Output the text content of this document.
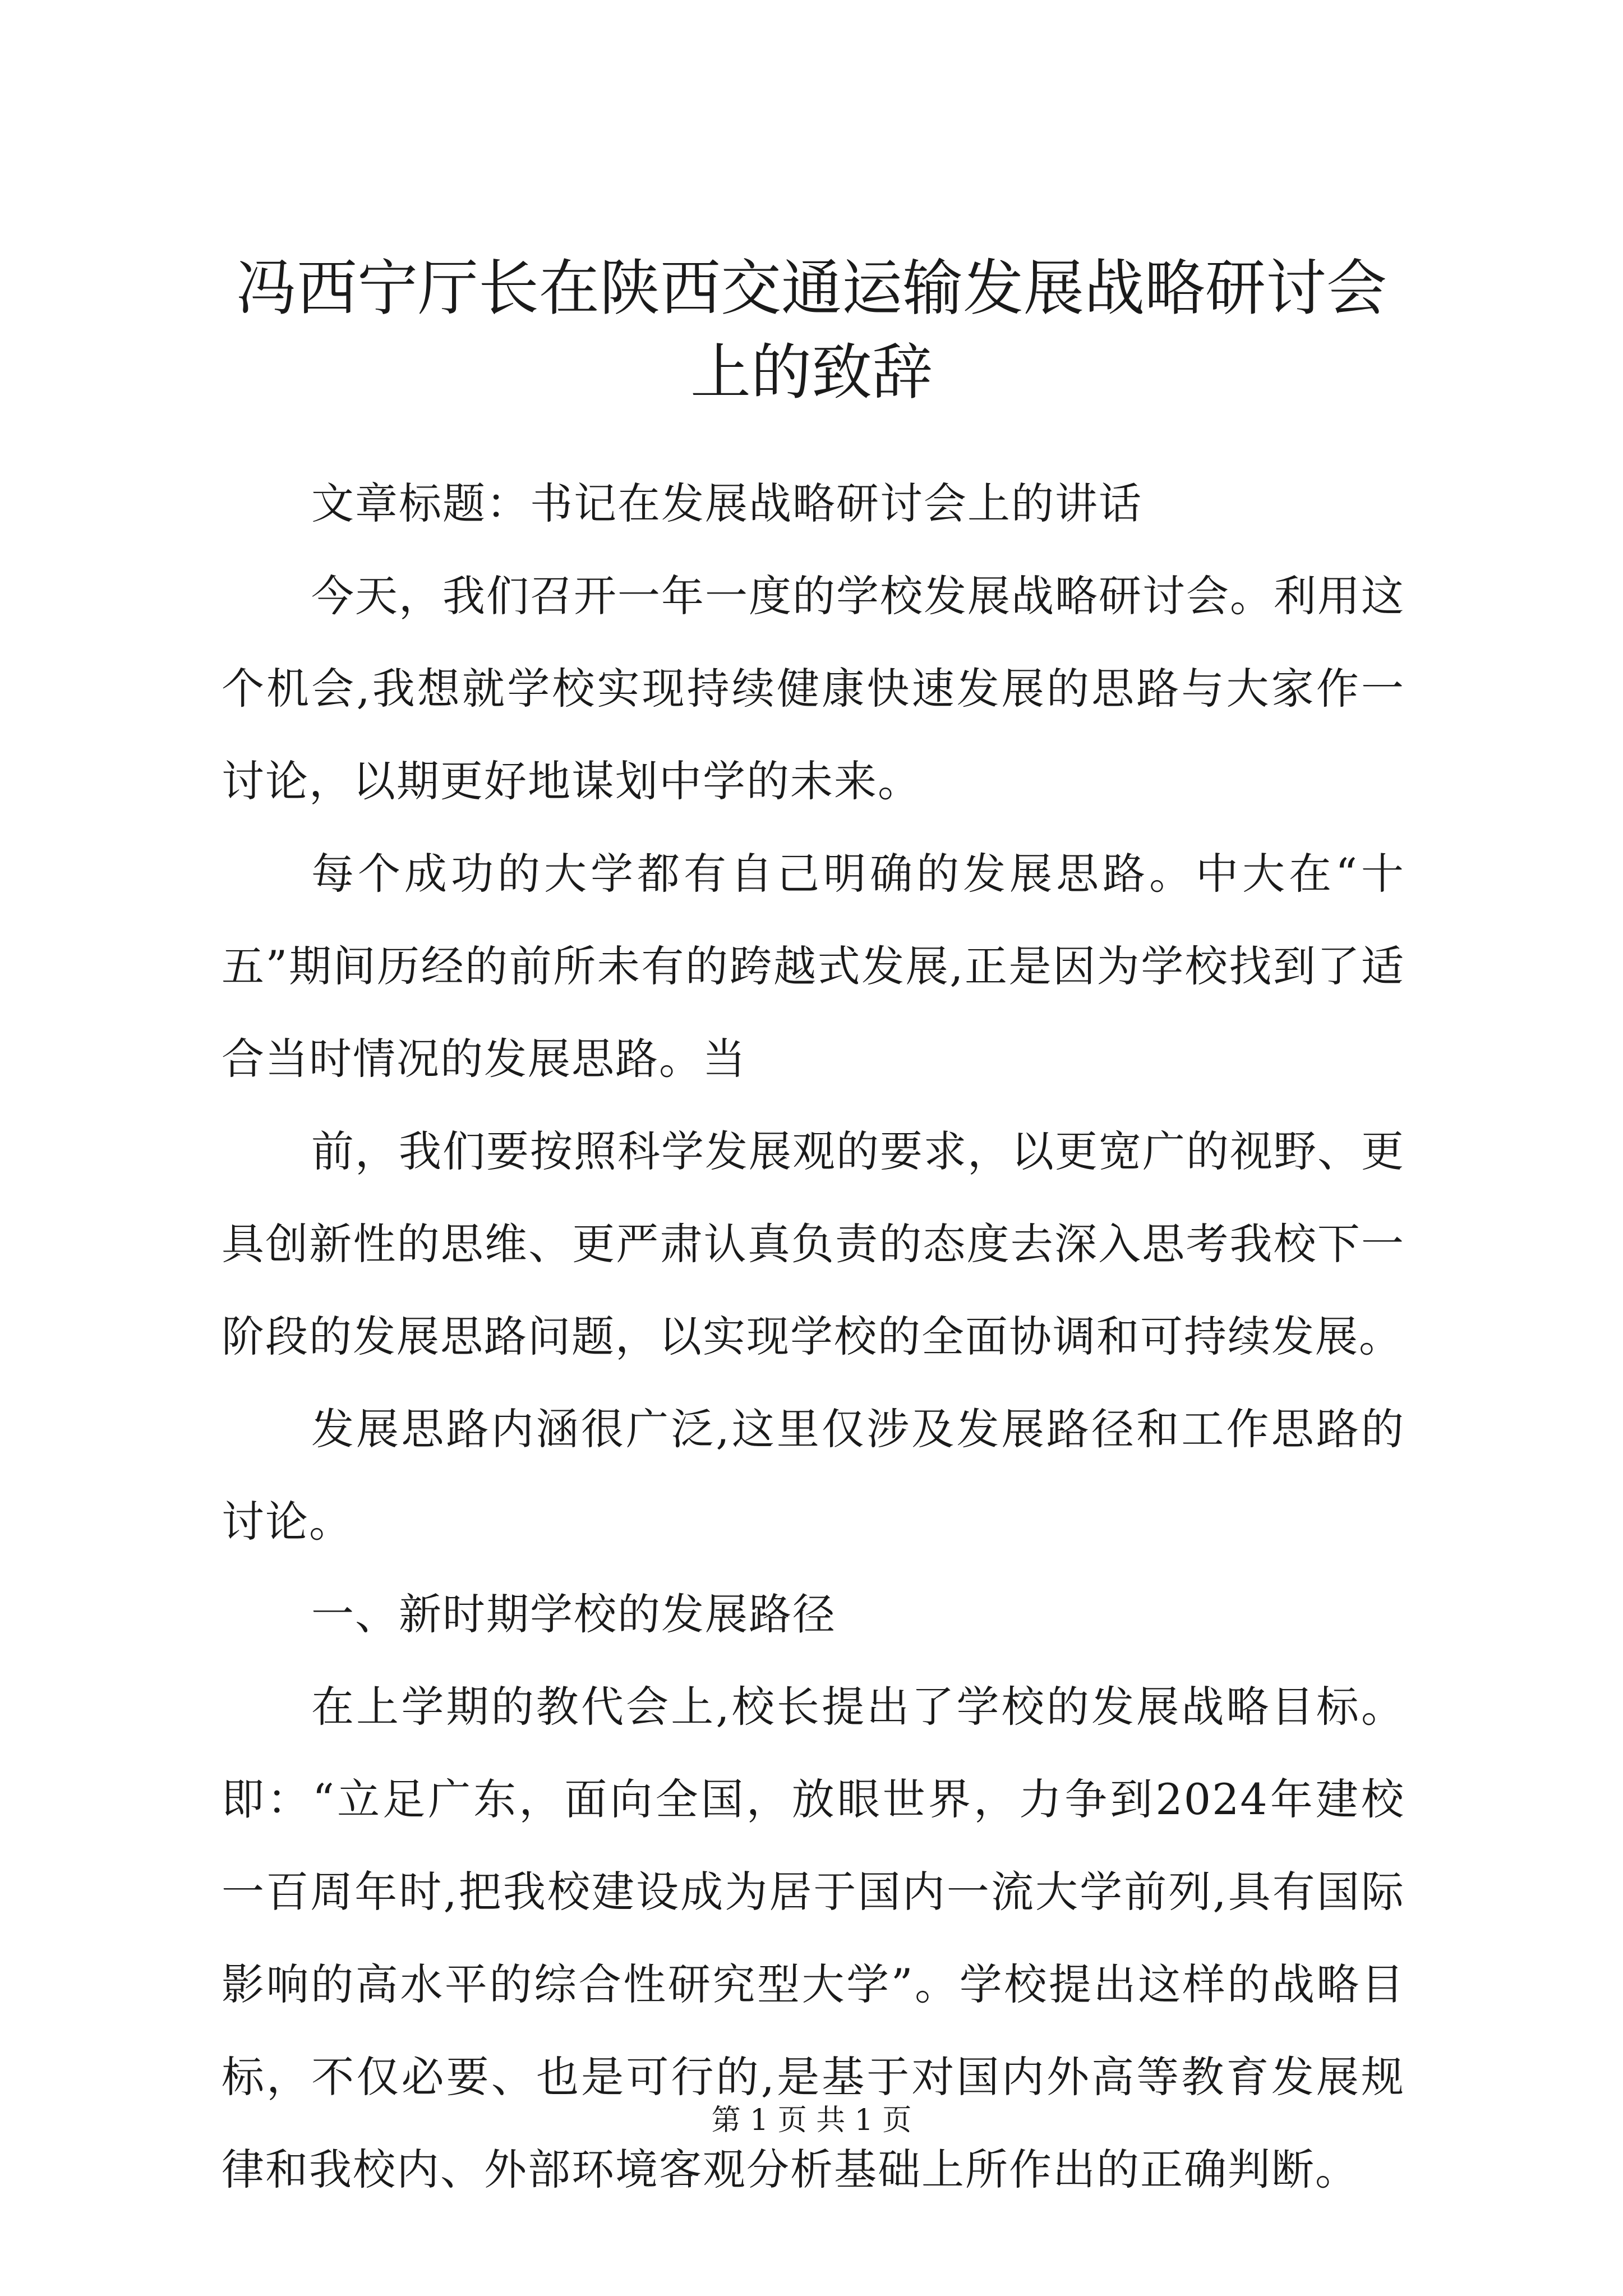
冯西宁厅长在陕西交通运输发展战略研讨会上的致辞

文章标题：书记在发展战略研讨会上的讲话

今天，我们召开一年一度的学校发展战略研讨会。利用这个机会,我想就学校实现持续健康快速发展的思路与大家作一讨论，以期更好地谋划中学的未来。

每个成功的大学都有自己明确的发展思路。中大在“十五”期间历经的前所未有的跨越式发展,正是因为学校找到了适合当时情况的发展思路。当

前，我们要按照科学发展观的要求，以更宽广的视野、更具创新性的思维、更严肃认真负责的态度去深入思考我校下一阶段的发展思路问题，以实现学校的全面协调和可持续发展。

发展思路内涵很广泛,这里仅涉及发展路径和工作思路的讨论。

一、新时期学校的发展路径

在上学期的教代会上,校长提出了学校的发展战略目标。即：“立足广东，面向全国，放眼世界，力争到2024年建校一百周年时,把我校建设成为居于国内一流大学前列,具有国际影响的高水平的综合性研究型大学”。学校提出这样的战略目标，不仅必要、也是可行的,是基于对国内外高等教育发展规律和我校内、外部环境客观分析基础上所作出的正确判断。

第 1 页 共 1 页
